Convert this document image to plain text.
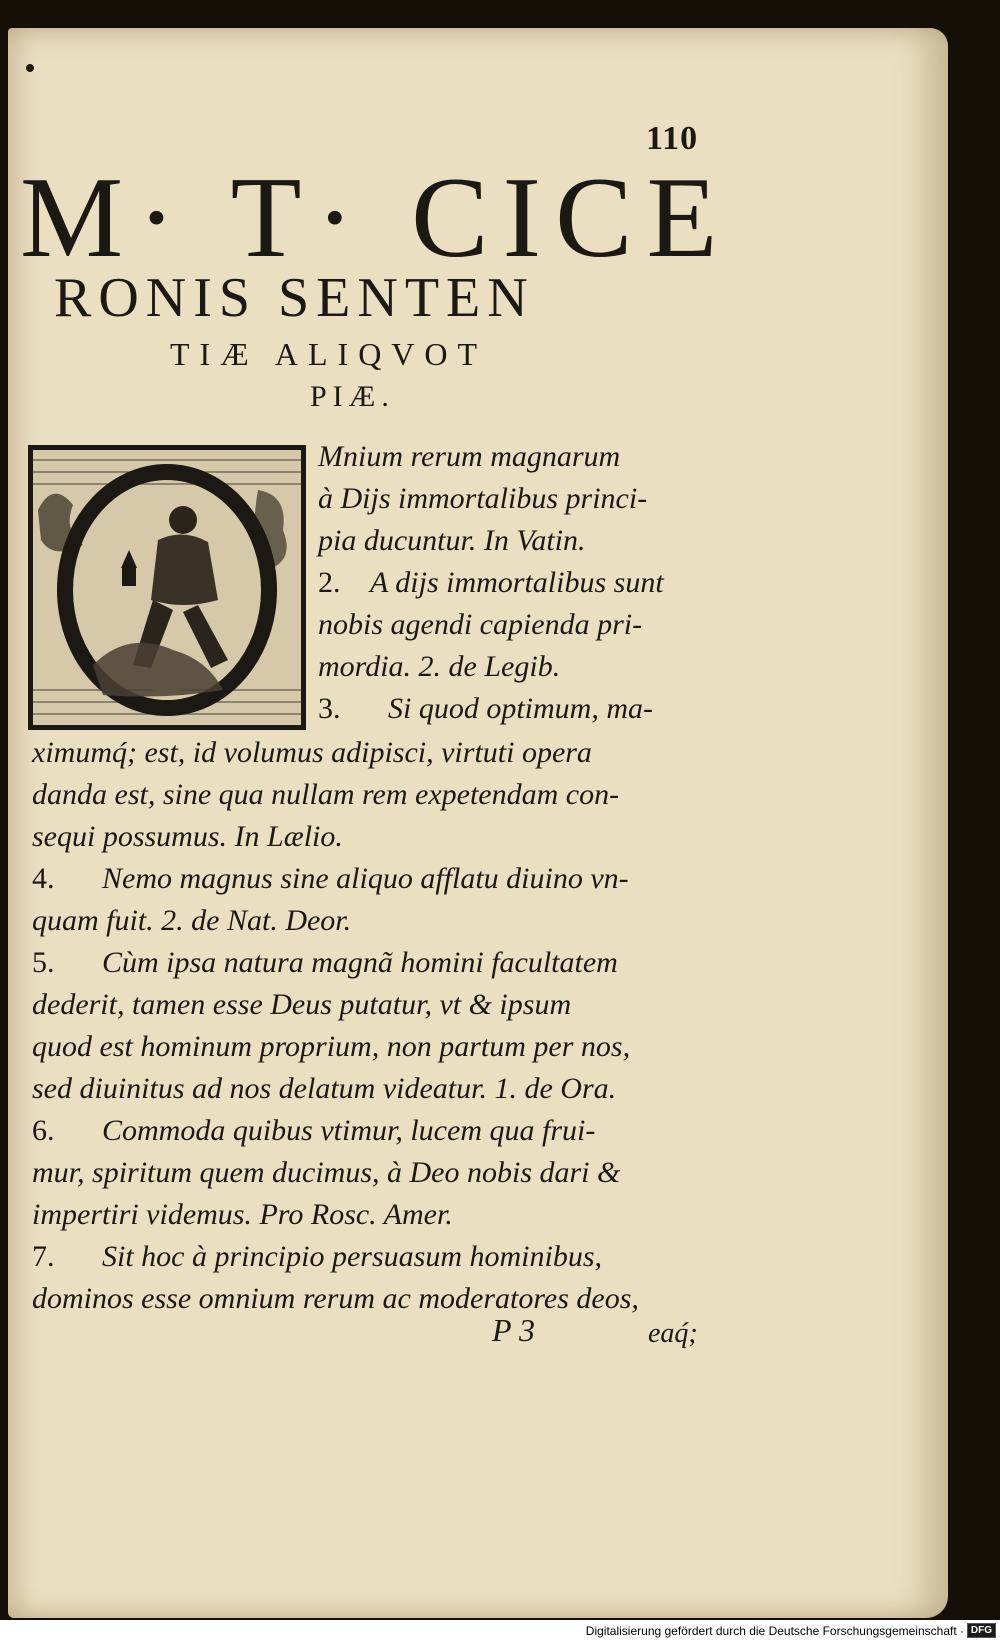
110
M· T· CICE
RONIS SENTEN
TIÆ ALIQVOT
PIÆ.
Mnium rerum magnarum
à Dijs immortalibus princi-
pia ducuntur. In Vatin.
2. A dijs immortalibus sunt
nobis agendi capienda pri-
mordia. 2. de Legib.
3. Si quod optimum, ma-
ximumq́; est, id volumus adipisci, virtuti opera
danda est, sine qua nullam rem expetendam con-
sequi possumus. In Lælio.
4. Nemo magnus sine aliquo afflatu diuino vn-
quam fuit. 2. de Nat. Deor.
5. Cùm ipsa natura magnã homini facultatem
dederit, tamen esse Deus putatur, vt & ipsum
quod est hominum proprium, non partum per nos,
sed diuinitus ad nos delatum videatur. 1. de Ora.
6. Commoda quibus vtimur, lucem qua frui-
mur, spiritum quem ducimus, à Deo nobis dari &
impertiri videmus. Pro Rosc. Amer.
7. Sit hoc à principio persuasum hominibus,
dominos esse omnium rerum ac moderatores deos,
P 3	eaq́;
Digitalisierung gefördert durch die Deutsche Forschungsgemeinschaft · DFG
